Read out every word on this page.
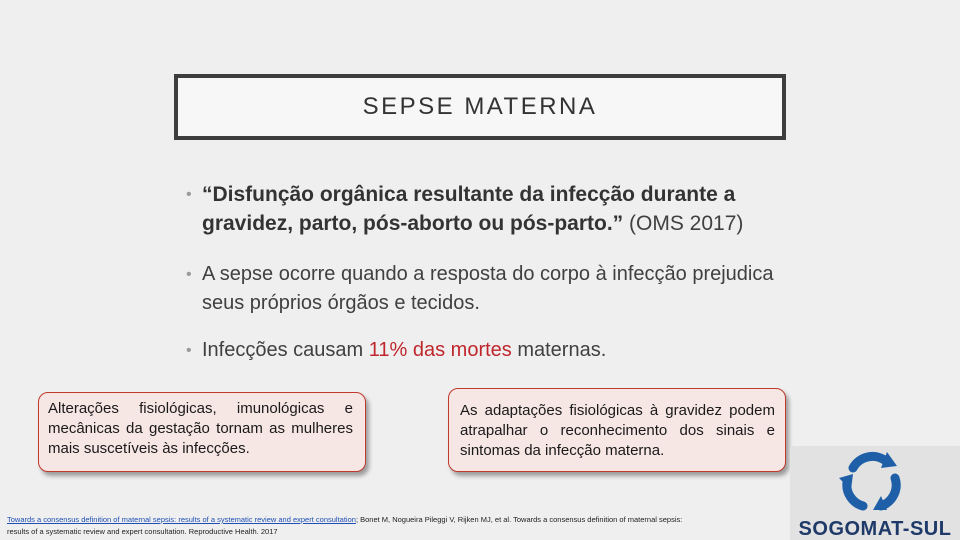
SEPSE MATERNA
• “Disfunção orgânica resultante da infecção durante a gravidez, parto, pós-aborto ou pós-parto.” (OMS 2017)
• A sepse ocorre quando a resposta do corpo à infecção prejudica seus próprios órgãos e tecidos.
• Infecções causam 11% das mortes maternas.
Alterações fisiológicas, imunológicas e mecânicas da gestação tornam as mulheres mais suscetíveis às infecções.
As adaptações fisiológicas à gravidez podem atrapalhar o reconhecimento dos sinais e sintomas da infecção materna.
Towards a consensus definition of maternal sepsis: results of a systematic review and expert consultation; Bonet M, Nogueira Pileggi V, Rijken MJ, et al. Towards a consensus definition of maternal sepsis: results of a systematic review and expert consultation. Reproductive Health. 2017	SOGOMAT-SUL
